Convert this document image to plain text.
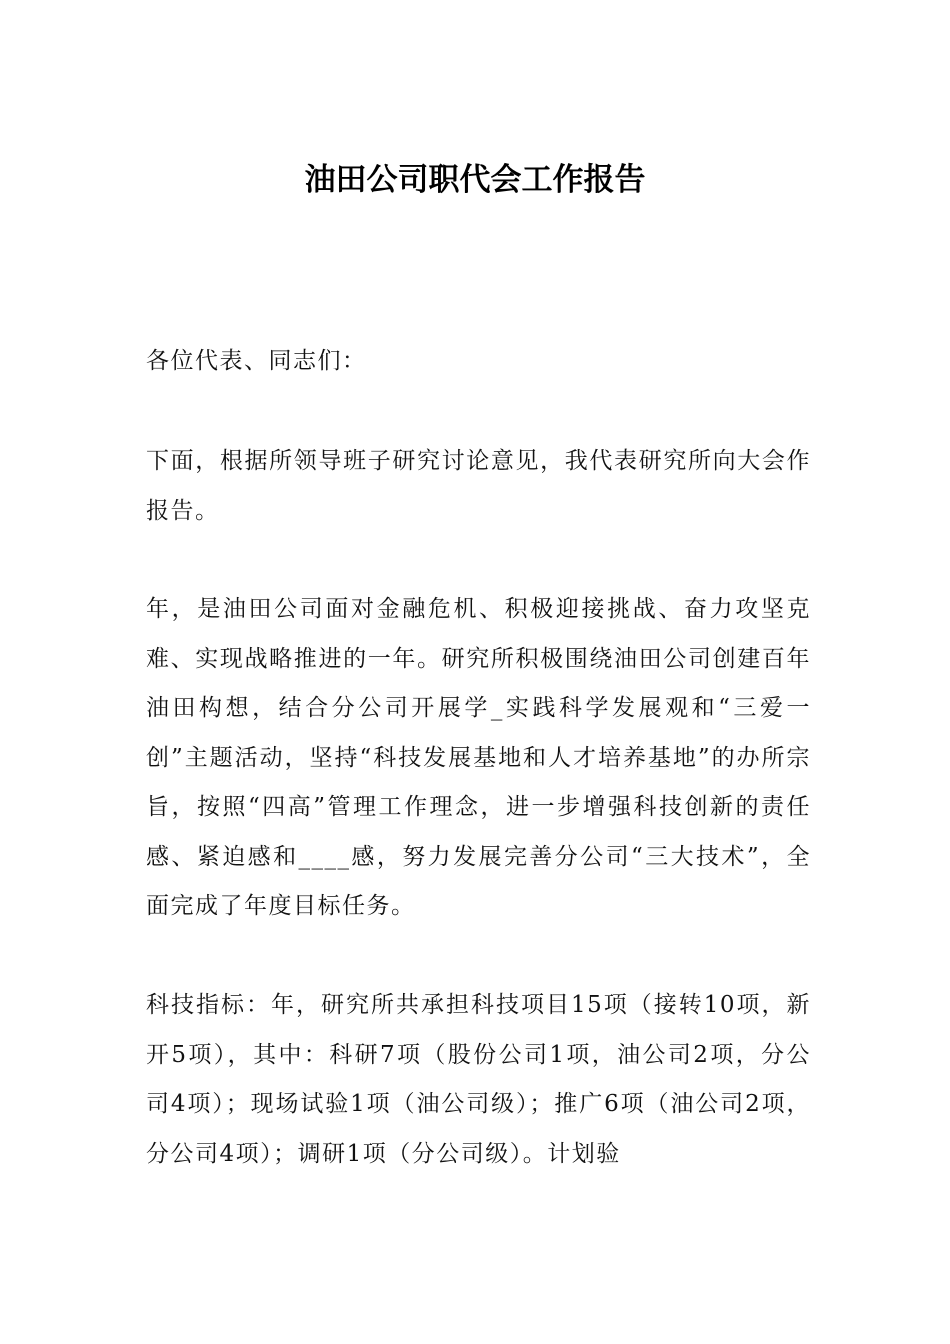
油田公司职代会工作报告

各位代表、同志们：

下面，根据所领导班子研究讨论意见，我代表研究所向大会作报告。

年，是油田公司面对金融危机、积极迎接挑战、奋力攻坚克难、实现战略推进的一年。研究所积极围绕油田公司创建百年油田构想，结合分公司开展学_实践科学发展观和“三爱一创”主题活动，坚持“科技发展基地和人才培养基地”的办所宗旨，按照“四高”管理工作理念，进一步增强科技创新的责任感、紧迫感和____感，努力发展完善分公司“三大技术”，全面完成了年度目标任务。

科技指标：年，研究所共承担科技项目15项（接转10项，新开5项），其中：科研7项（股份公司1项，油公司2项，分公司4项）；现场试验1项（油公司级）；推广6项（油公司2项，分公司4项）；调研1项（分公司级）。计划验
